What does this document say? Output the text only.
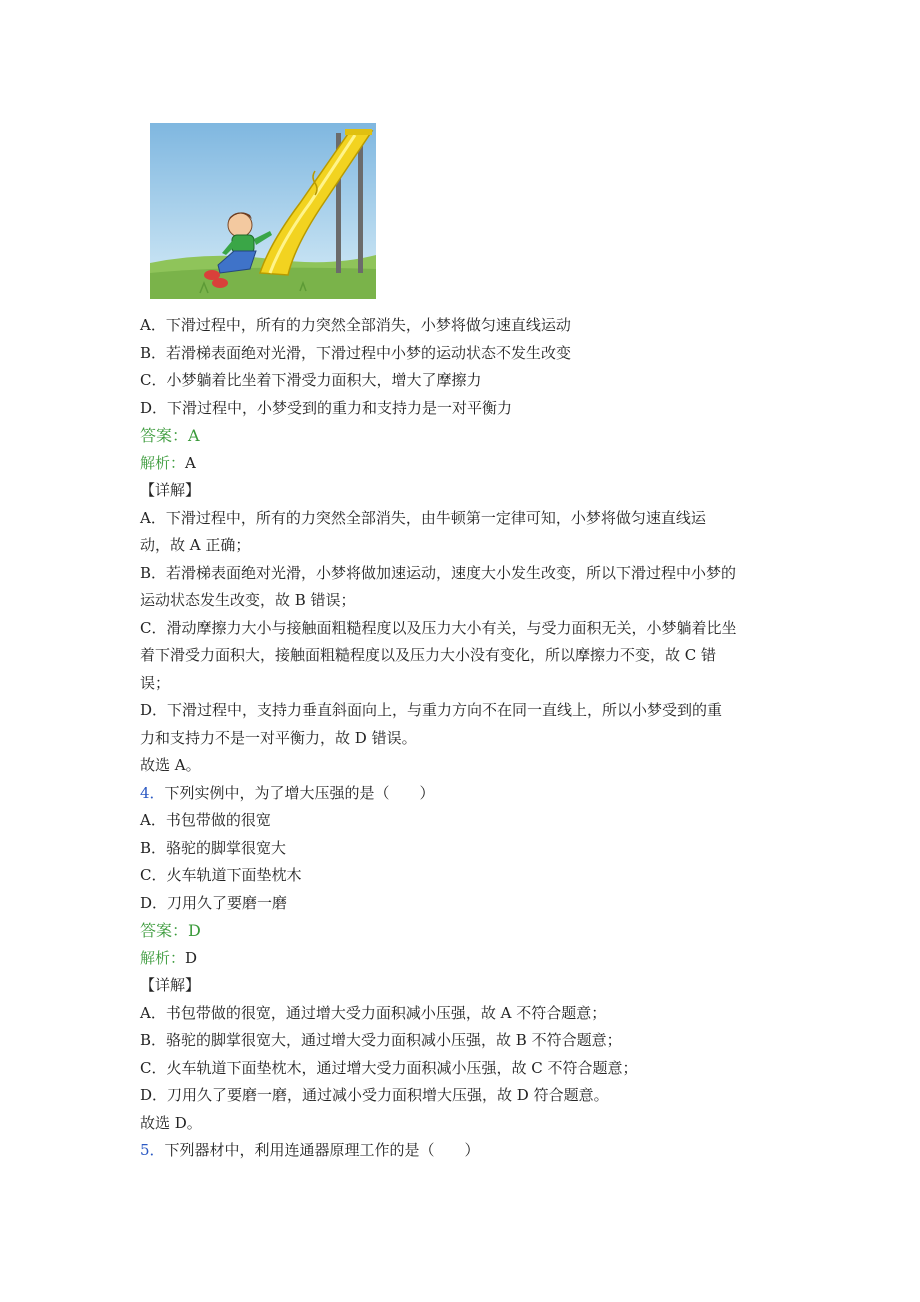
A．下滑过程中，所有的力突然全部消失，小梦将做匀速直线运动
B．若滑梯表面绝对光滑，下滑过程中小梦的运动状态不发生改变
C．小梦躺着比坐着下滑受力面积大，增大了摩擦力
D．下滑过程中，小梦受到的重力和支持力是一对平衡力
答案：A
解析：A
【详解】
A．下滑过程中，所有的力突然全部消失，由牛顿第一定律可知，小梦将做匀速直线运
动，故 A 正确；
B．若滑梯表面绝对光滑，小梦将做加速运动，速度大小发生改变，所以下滑过程中小梦的
运动状态发生改变，故 B 错误；
C．滑动摩擦力大小与接触面粗糙程度以及压力大小有关，与受力面积无关，小梦躺着比坐
着下滑受力面积大，接触面粗糙程度以及压力大小没有变化，所以摩擦力不变，故 C 错
误；
D．下滑过程中，支持力垂直斜面向上，与重力方向不在同一直线上，所以小梦受到的重
力和支持力不是一对平衡力，故 D 错误。
故选 A。
4．下列实例中，为了增大压强的是（　　）
A．书包带做的很宽
B．骆驼的脚掌很宽大
C．火车轨道下面垫枕木
D．刀用久了要磨一磨
答案：D
解析：D
【详解】
A．书包带做的很宽，通过增大受力面积减小压强，故 A 不符合题意；
B．骆驼的脚掌很宽大，通过增大受力面积减小压强，故 B 不符合题意；
C．火车轨道下面垫枕木，通过增大受力面积减小压强，故 C 不符合题意；
D．刀用久了要磨一磨，通过减小受力面积增大压强，故 D 符合题意。
故选 D。
5．下列器材中，利用连通器原理工作的是（　　）
